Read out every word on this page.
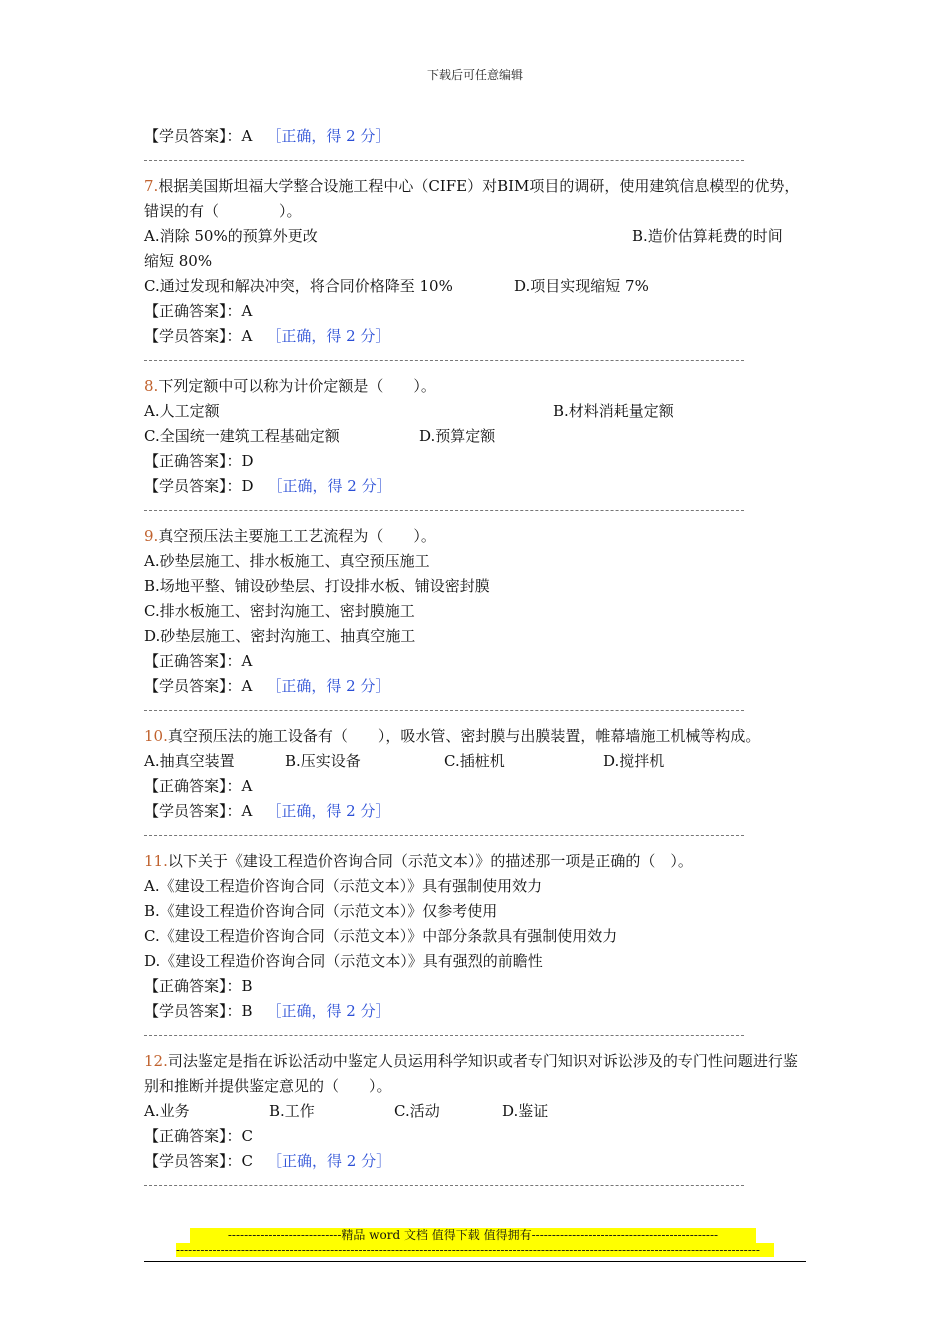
下载后可任意编辑
【学员答案】：A ［正确，得 2 分］
7.根据美国斯坦福大学整合设施工程中心（CIFE）对BIM项目的调研，使用建筑信息模型的优势，错误的有（　　　　）。
A.消除 50%的预算外更改	B.造价估算耗费的时间
缩短 80%
C.通过发现和解决冲突，将合同价格降至 10%	D.项目实现缩短 7%
【正确答案】：A
【学员答案】：A ［正确，得 2 分］
8.下列定额中可以称为计价定额是（　　）。
A.人工定额	B.材料消耗量定额
C.全国统一建筑工程基础定额	D.预算定额
【正确答案】：D
【学员答案】：D ［正确，得 2 分］
9.真空预压法主要施工工艺流程为（　　）。
A.砂垫层施工、排水板施工、真空预压施工
B.场地平整、铺设砂垫层、打设排水板、铺设密封膜
C.排水板施工、密封沟施工、密封膜施工
D.砂垫层施工、密封沟施工、抽真空施工
【正确答案】：A
【学员答案】：A ［正确，得 2 分］
10.真空预压法的施工设备有（　　），吸水管、密封膜与出膜装置，帷幕墙施工机械等构成。
A.抽真空装置	B.压实设备	C.插桩机	D.搅拌机
【正确答案】：A
【学员答案】：A ［正确，得 2 分］
11.以下关于《建设工程造价咨询合同（示范文本）》的描述那一项是正确的（　）。
A.《建设工程造价咨询合同（示范文本）》具有强制使用效力
B.《建设工程造价咨询合同（示范文本）》仅参考使用
C.《建设工程造价咨询合同（示范文本）》中部分条款具有强制使用效力
D.《建设工程造价咨询合同（示范文本）》具有强烈的前瞻性
【正确答案】：B
【学员答案】：B ［正确，得 2 分］
12.司法鉴定是指在诉讼活动中鉴定人员运用科学知识或者专门知识对诉讼涉及的专门性问题进行鉴别和推断并提供鉴定意见的（　　）。
A.业务	B.工作	C.活动	D.鉴证
【正确答案】：C
【学员答案】：C ［正确，得 2 分］
----------------------------精品 word 文档 值得下载 值得拥有----------------------------------------------
------------------------------------------------------------------------------------------------------------------------------------------------
